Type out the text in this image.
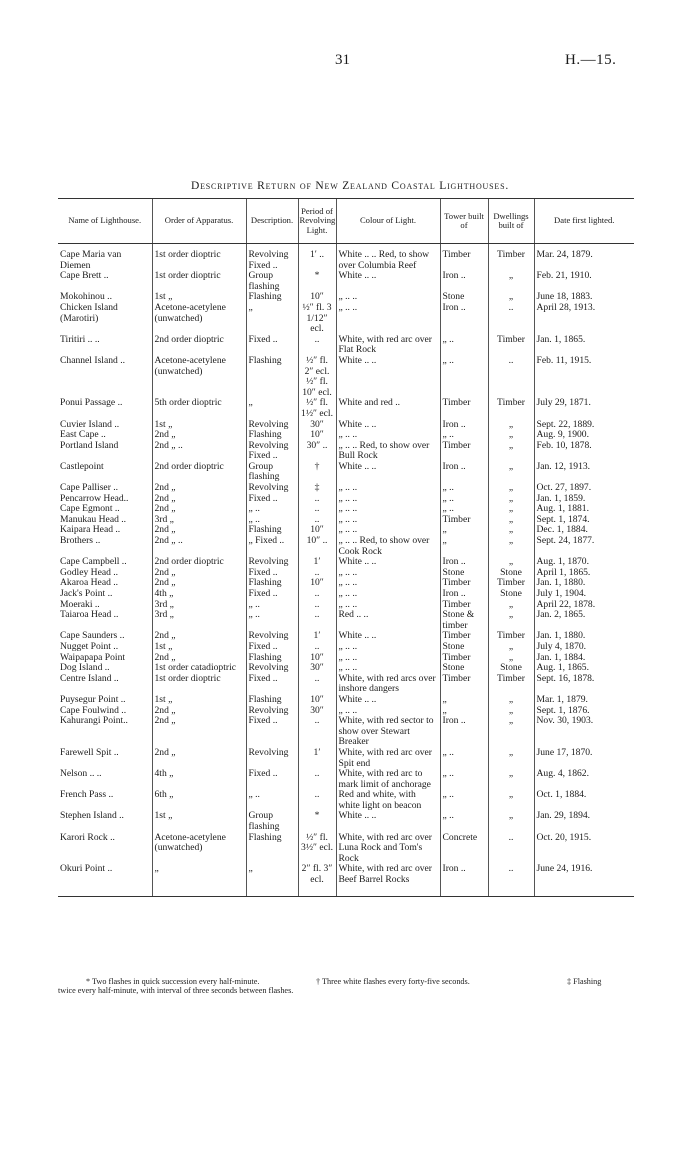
31	H.—15.
Descriptive Return of New Zealand Coastal Lighthouses.
Name of Lighthouse.	Order of Apparatus.	Description.	Period of Revolving Light.	Colour of Light.	Tower built of	Dwellings built of	Date first lighted.

Cape Maria van Diemen	1st order dioptric	Revolving Fixed ..	1′ ..	White .. .. Red, to show over Columbia Reef	Timber	Timber	Mar. 24, 1879.
Cape Brett ..	1st order dioptric	Group flashing	*	White .. ..	Iron ..	„	Feb. 21, 1910.
Mokohinou ..	1st „	Flashing	10″	„ .. ..	Stone	„	June 18, 1883.
Chicken Island (Marotiri)	Acetone-acetylene (unwatched)	„	½″ fl. 3 1/12″ ecl.	„ .. ..	Iron ..	..	April 28, 1913.
Tiritiri .. ..	2nd order dioptric	Fixed ..	..	White, with red arc over Flat Rock	„ ..	Timber	Jan. 1, 1865.
Channel Island ..	Acetone-acetylene (unwatched)	Flashing	½″ fl. 2″ ecl. ½″ fl. 10″ ecl.	White .. ..	„ ..	..	Feb. 11, 1915.
Ponui Passage ..	5th order dioptric	„	½″ fl. 1½″ ecl.	White and red ..	Timber	Timber	July 29, 1871.
Cuvier Island ..	1st „	Revolving	30″	White .. ..	Iron ..	„	Sept. 22, 1889.
East Cape ..	2nd „	Flashing	10″	„ .. ..	„ ..	„	Aug. 9, 1900.
Portland Island	2nd „ ..	Revolving Fixed ..	30″ ..	„ .. .. Red, to show over Bull Rock	Timber	„	Feb. 10, 1878.
Castlepoint	2nd order dioptric	Group flashing	†	White .. ..	Iron ..	„	Jan. 12, 1913.
Cape Palliser ..	2nd „	Revolving	‡	„ .. ..	„ ..	„	Oct. 27, 1897.
Pencarrow Head..	2nd „	Fixed ..	..	„ .. ..	„ ..	„	Jan. 1, 1859.
Cape Egmont ..	2nd „	„ ..	..	„ .. ..	„ ..	„	Aug. 1, 1881.
Manukau Head ..	3rd „	„ ..	..	„ .. ..	Timber	„	Sept. 1, 1874.
Kaipara Head ..	2nd „	Flashing	10″	„ .. ..	„	„	Dec. 1, 1884.
Brothers ..	2nd „ ..	„ Fixed ..	10″ ..	„ .. .. Red, to show over Cook Rock	„	„	Sept. 24, 1877.
Cape Campbell ..	2nd order dioptric	Revolving	1′	White .. ..	Iron ..	„	Aug. 1, 1870.
Godley Head ..	2nd „	Fixed ..	..	„ .. ..	Stone	Stone	April 1, 1865.
Akaroa Head ..	2nd „	Flashing	10″	„ .. ..	Timber	Timber	Jan. 1, 1880.
Jack's Point ..	4th „	Fixed ..	..	„ .. ..	Iron ..	Stone	July 1, 1904.
Moeraki ..	3rd „	„ ..	..	„ .. ..	Timber	„	April 22, 1878.
Taiaroa Head ..	3rd „	„ ..	..	Red .. ..	Stone & timber	„	Jan. 2, 1865.
Cape Saunders ..	2nd „	Revolving	1′	White .. ..	Timber	Timber	Jan. 1, 1880.
Nugget Point ..	1st „	Fixed ..	..	„ .. ..	Stone	„	July 4, 1870.
Waipapapa Point	2nd „	Flashing	10″	„ .. ..	Timber	„	Jan. 1, 1884.
Dog Island ..	1st order catadioptric	Revolving	30″	„ .. ..	Stone	Stone	Aug. 1, 1865.
Centre Island ..	1st order dioptric	Fixed ..	..	White, with red arcs over inshore dangers	Timber	Timber	Sept. 16, 1878.
Puysegur Point ..	1st „	Flashing	10″	White .. ..	„	„	Mar. 1, 1879.
Cape Foulwind ..	2nd „	Revolving	30″	„ .. ..	„	„	Sept. 1, 1876.
Kahurangi Point..	2nd „	Fixed ..	..	White, with red sector to show over Stewart Breaker	Iron ..	„	Nov. 30, 1903.
Farewell Spit ..	2nd „	Revolving	1′	White, with red arc over Spit end	„ ..	„	June 17, 1870.
Nelson .. ..	4th „	Fixed ..	..	White, with red arc to mark limit of anchorage	„ ..	„	Aug. 4, 1862.
French Pass ..	6th „	„ ..	..	Red and white, with white light on beacon	„ ..	„	Oct. 1, 1884.
Stephen Island ..	1st „	Group flashing	*	White .. ..	„ ..	„	Jan. 29, 1894.
Karori Rock ..	Acetone-acetylene (unwatched)	Flashing	½″ fl. 3½″ ecl.	White, with red arc over Luna Rock and Tom's Rock	Concrete	..	Oct. 20, 1915.
Okuri Point ..	„	„	2″ fl. 3″ ecl.	White, with red arc over Beef Barrel Rocks	Iron ..	..	June 24, 1916.

* Two flashes in quick succession every half-minute.	† Three white flashes every forty-five seconds.	‡ Flashing
twice every half-minute, with interval of three seconds between flashes.
